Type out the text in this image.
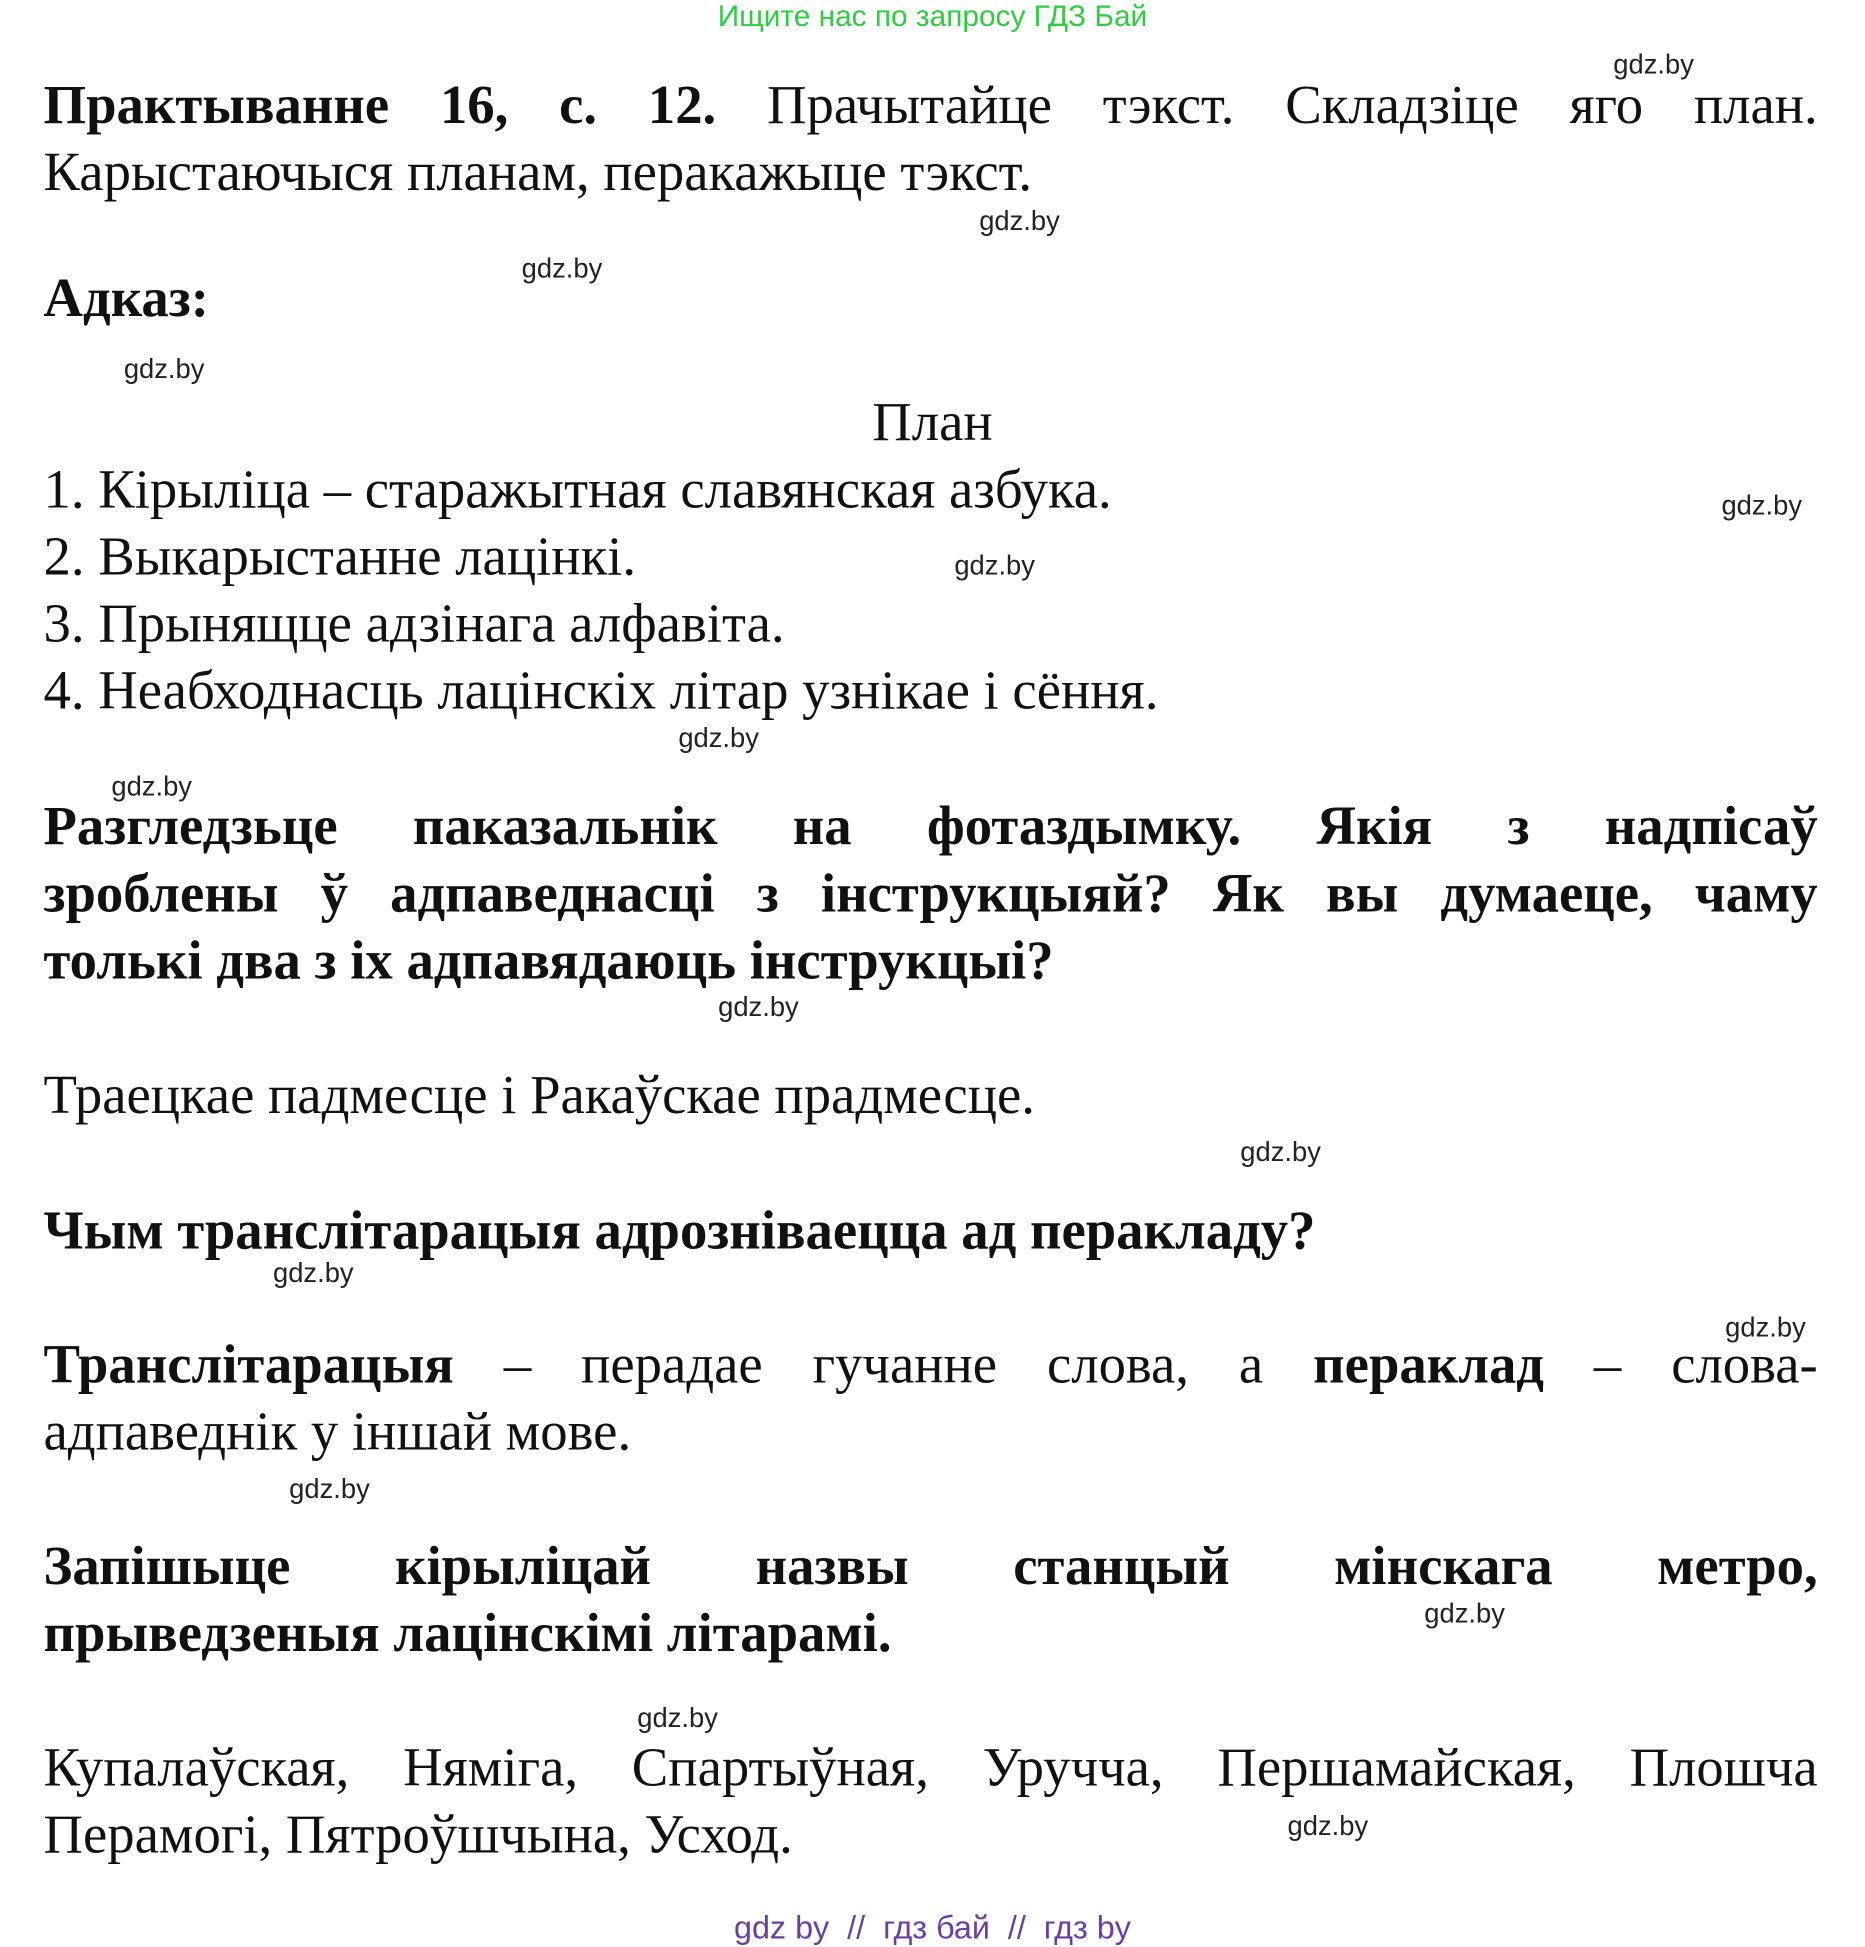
Ищите нас по запросу ГДЗ Бай
Практыванне 16, с. 12. Прачытайце тэкст. Складзіце яго план.
Карыстаючыся планам, перакажыце тэкст.
Адказ:
План
1. Кірыліца – старажытная славянская азбука.
2. Выкарыстанне лацінкі.
3. Прынящце адзінага алфавіта.
4. Неабходнасць лацінскіх літар узнікае і сёння.
Разгледзьце паказальнік на фотаздымку. Якія з надпісаў
зроблены ў адпаведнасці з інструкцыяй? Як вы думаеце, чаму
толькі два з іх адпавядаюць інструкцыі?
Траецкае падмесце і Ракаўскае прадмесце.
Чым транслітарацыя адрозніваецца ад перакладу?
Транслітарацыя – перадае гучанне слова, а пераклад – слова-
адпаведнік у іншай мове.
Запішыце кірыліцай назвы станцый мінскага метро,
прыведзеныя лацінскімі літарамі.
Купалаўская, Няміга, Спартыўная, Уручча, Першамайская, Плошча
Перамогі, Пятроўшчына, Усход.
gdz.by
gdz.by
gdz.by
gdz.by
gdz.by
gdz.by
gdz.by
gdz.by
gdz.by
gdz.by
gdz.by
gdz.by
gdz.by
gdz.by
gdz.by
gdz.by
gdz by  //  гдз бай  //  гдз by
